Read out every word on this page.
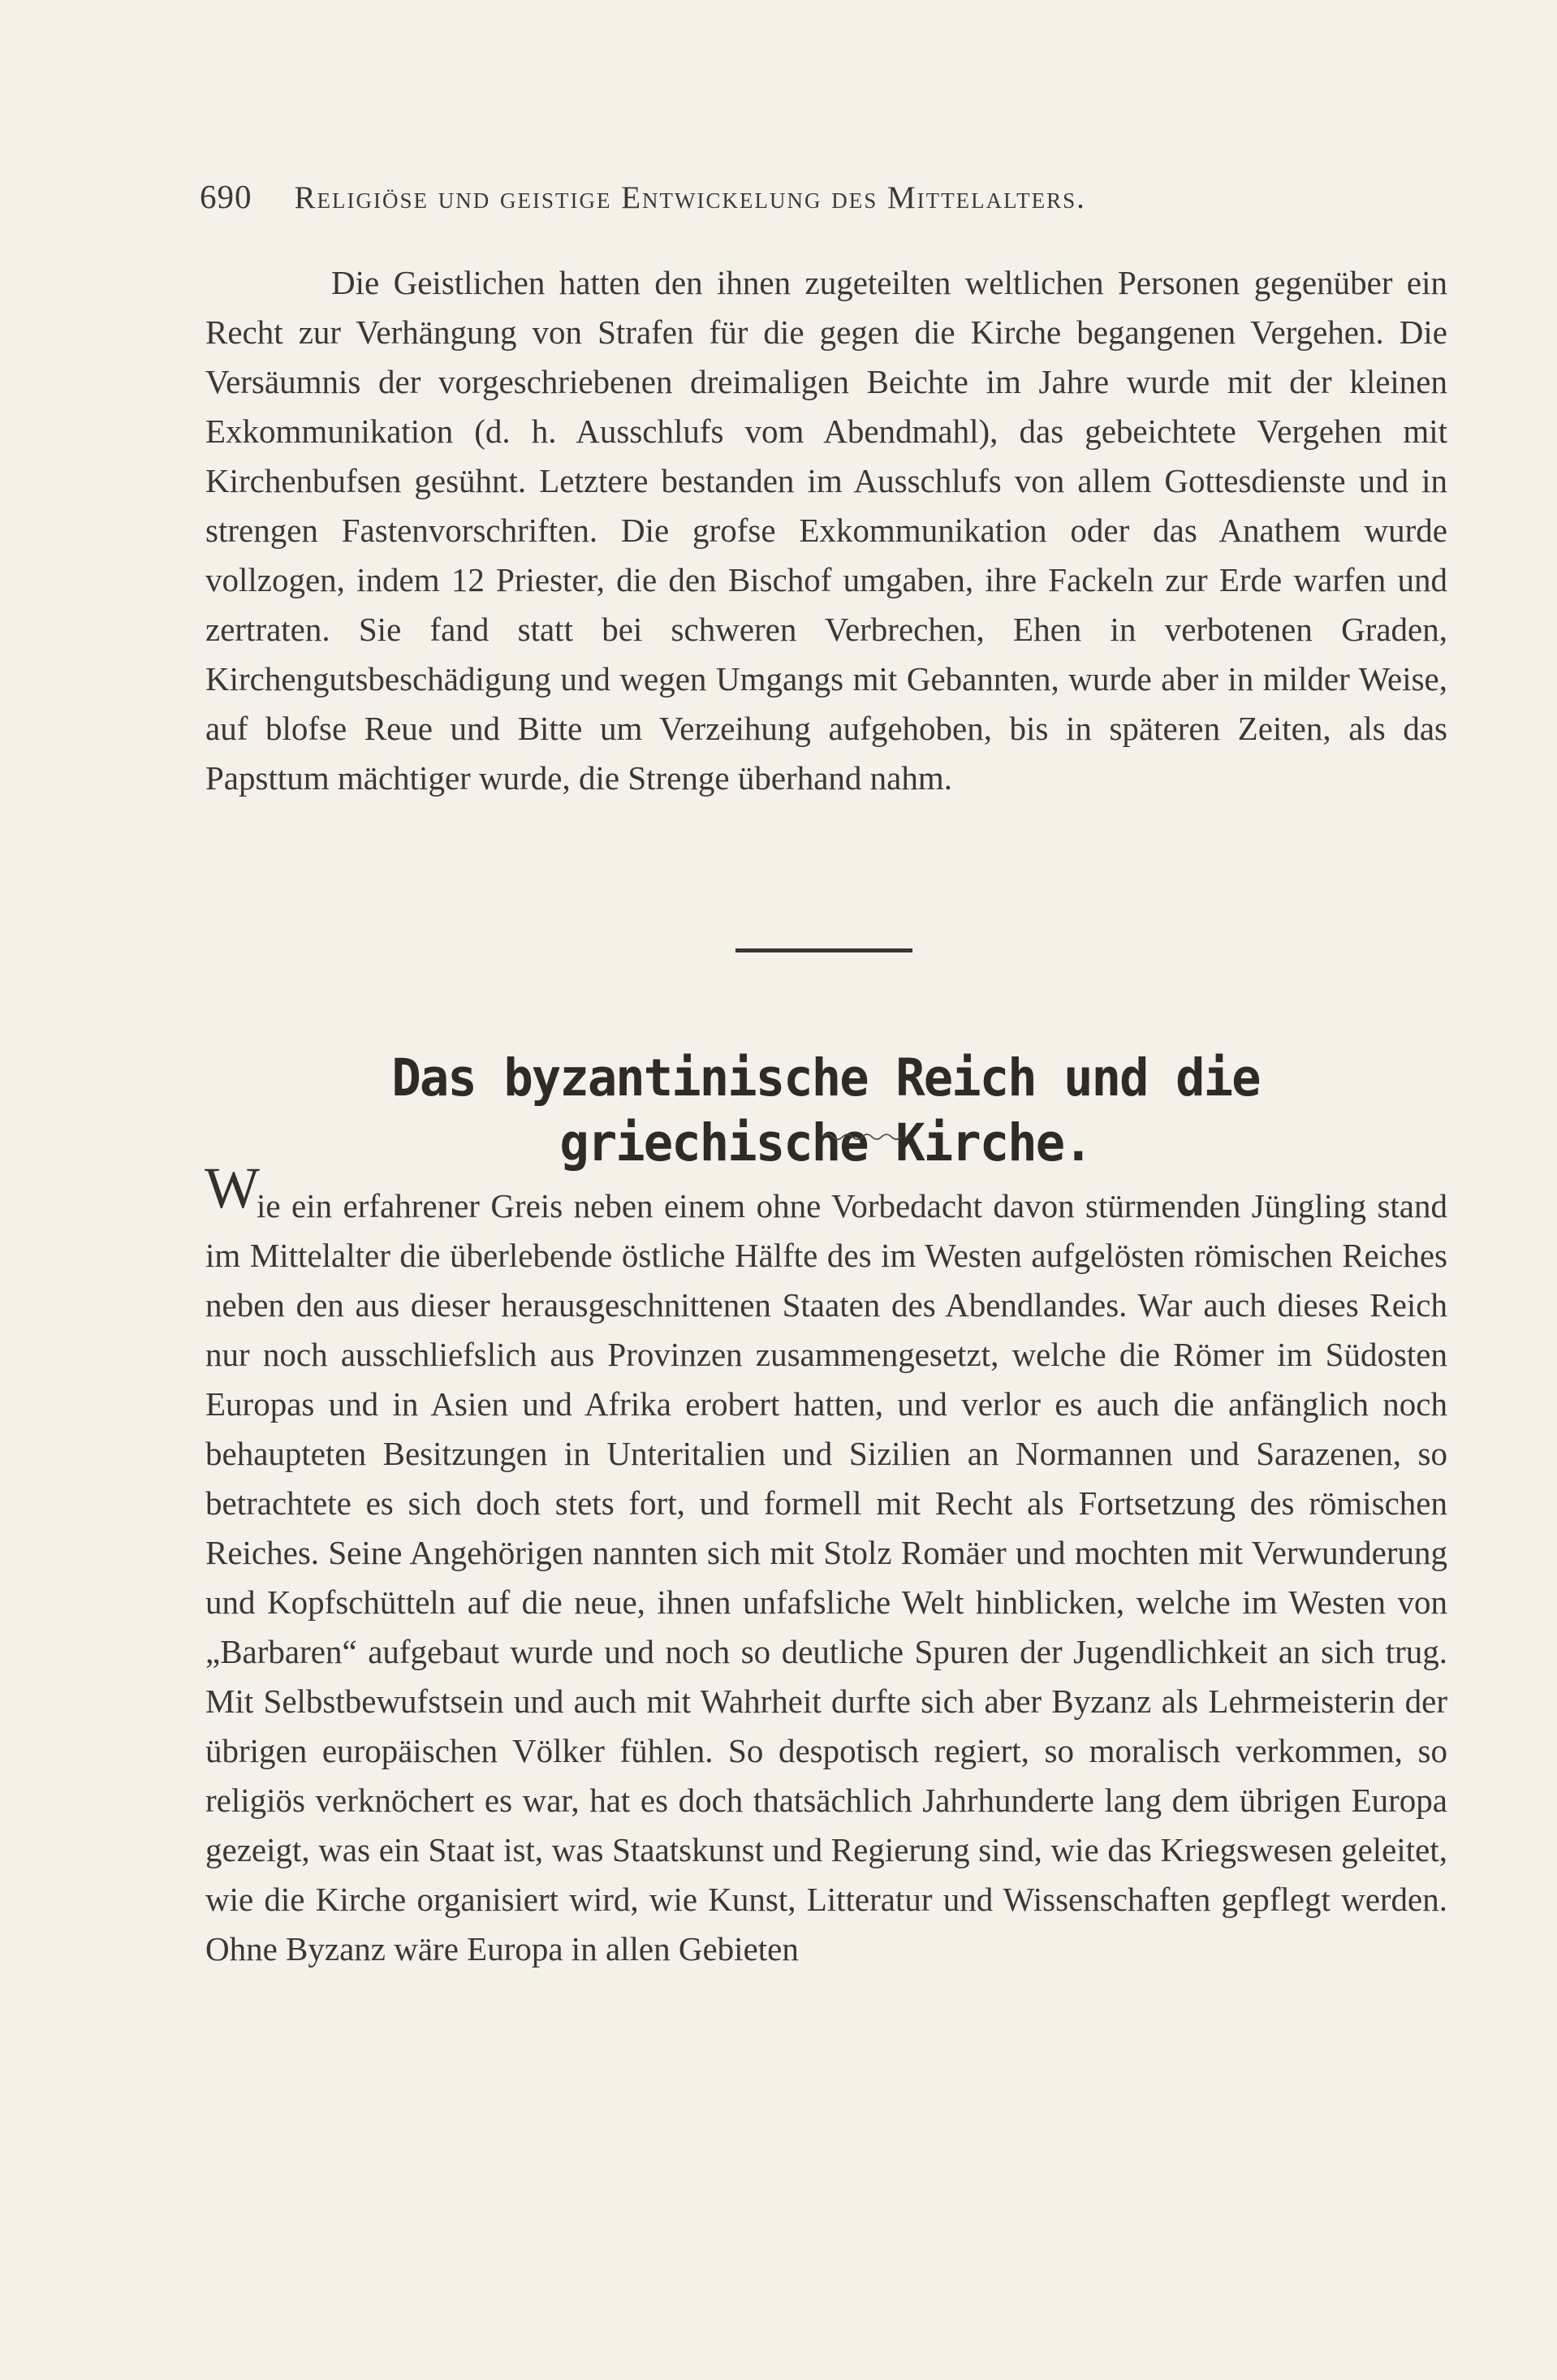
690 Religiöse und geistige Entwickelung des Mittelalters.

Die Geistlichen hatten den ihnen zugeteilten weltlichen Personen gegenüber ein Recht zur Verhängung von Strafen für die gegen die Kirche begangenen Vergehen. Die Versäumnis der vorgeschriebenen dreimaligen Beichte im Jahre wurde mit der kleinen Exkommunikation (d. h. Ausschlufs vom Abendmahl), das gebeichtete Vergehen mit Kirchenbufsen gesühnt. Letztere bestanden im Ausschlufs von allem Gottesdienste und in strengen Fastenvorschriften. Die grofse Exkommunikation oder das Anathem wurde vollzogen, indem 12 Priester, die den Bischof umgaben, ihre Fackeln zur Erde warfen und zertraten. Sie fand statt bei schweren Verbrechen, Ehen in verbotenen Graden, Kirchengutsbeschädigung und wegen Umgangs mit Gebannten, wurde aber in milder Weise, auf blofse Reue und Bitte um Verzeihung aufgehoben, bis in späteren Zeiten, als das Papsttum mächtiger wurde, die Strenge überhand nahm.

Das byzantinische Reich und die griechische Kirche.
W

ie ein erfahrener Greis neben einem ohne Vorbedacht davon stürmenden Jüngling stand im Mittelalter die überlebende östliche Hälfte des im Westen aufgelösten römischen Reiches neben den aus dieser herausgeschnittenen Staaten des Abendlandes. War auch dieses Reich nur noch ausschliefslich aus Provinzen zusammengesetzt, welche die Römer im Südosten Europas und in Asien und Afrika erobert hatten, und verlor es auch die anfänglich noch behaupteten Besitzungen in Unteritalien und Sizilien an Normannen und Sarazenen, so betrachtete es sich doch stets fort, und formell mit Recht als Fortsetzung des römischen Reiches. Seine Angehörigen nannten sich mit Stolz Romäer und mochten mit Verwunderung und Kopfschütteln auf die neue, ihnen unfafsliche Welt hinblicken, welche im Westen von „Barbaren“ aufgebaut wurde und noch so deutliche Spuren der Jugendlichkeit an sich trug. Mit Selbstbewufstsein und auch mit Wahrheit durfte sich aber Byzanz als Lehrmeisterin der übrigen europäischen Völker fühlen. So despotisch regiert, so moralisch verkommen, so religiös verknöchert es war, hat es doch thatsächlich Jahrhunderte lang dem übrigen Europa gezeigt, was ein Staat ist, was Staatskunst und Regierung sind, wie das Kriegswesen geleitet, wie die Kirche organisiert wird, wie Kunst, Litteratur und Wissenschaften gepflegt werden. Ohne Byzanz wäre Europa in allen Gebieten
